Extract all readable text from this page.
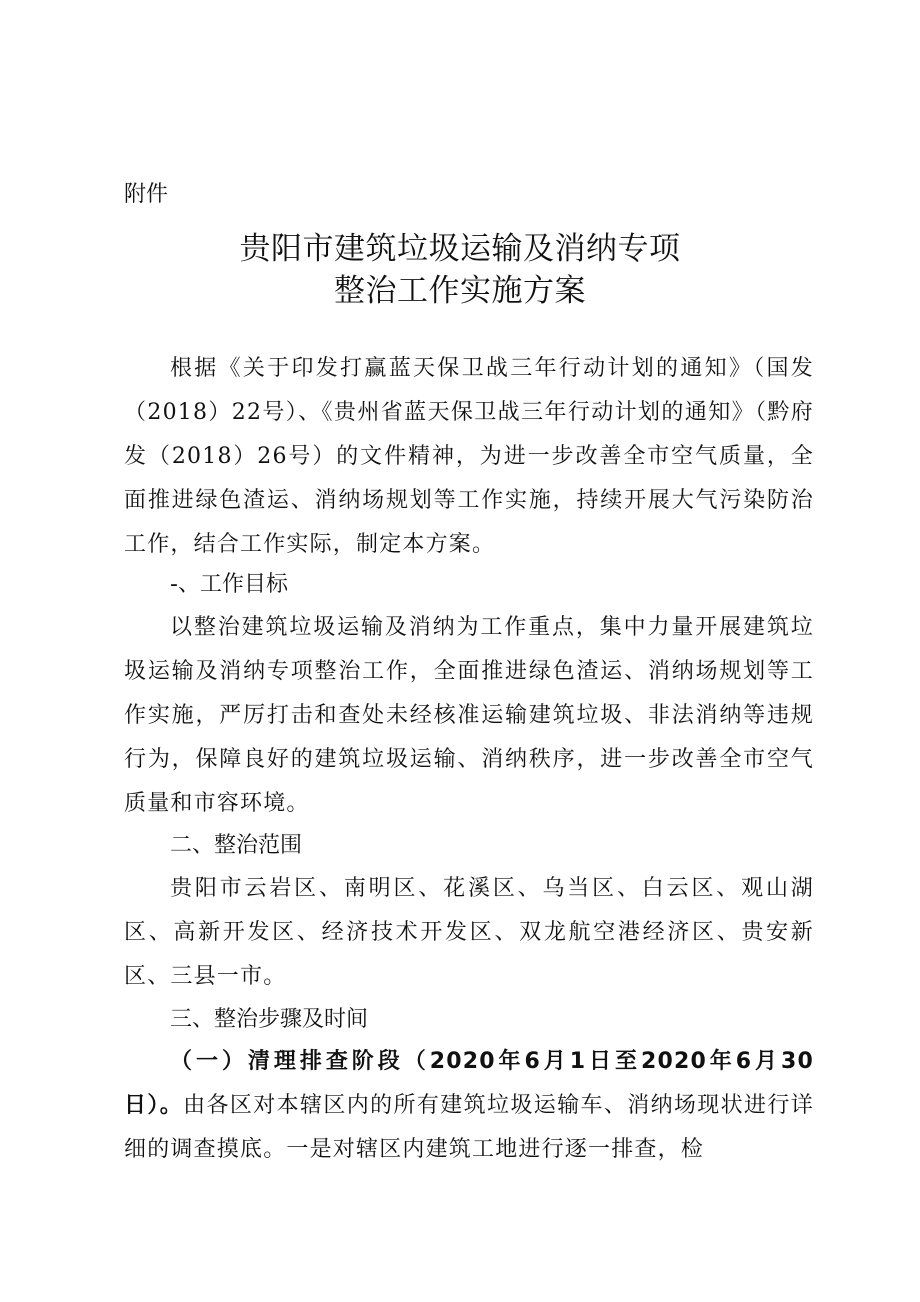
附件
贵阳市建筑垃圾运输及消纳专项
整治工作实施方案
根据《关于印发打赢蓝天保卫战三年行动计划的通知》（国发（2018）22号）、《贵州省蓝天保卫战三年行动计划的通知》（黔府发（2018）26号）的文件精神，为进一步改善全市空气质量，全面推进绿色渣运、消纳场规划等工作实施，持续开展大气污染防治工作，结合工作实际，制定本方案。
-、工作目标
以整治建筑垃圾运输及消纳为工作重点，集中力量开展建筑垃圾运输及消纳专项整治工作，全面推进绿色渣运、消纳场规划等工作实施，严厉打击和查处未经核准运输建筑垃圾、非法消纳等违规行为，保障良好的建筑垃圾运输、消纳秩序，进一步改善全市空气质量和市容环境。
二、整治范围
贵阳市云岩区、南明区、花溪区、乌当区、白云区、观山湖区、高新开发区、经济技术开发区、双龙航空港经济区、贵安新区、三县一市。
三、整治步骤及时间
（一）清理排查阶段（2020年6月1日至2020年6月30日）。由各区对本辖区内的所有建筑垃圾运输车、消纳场现状进行详细的调查摸底。一是对辖区内建筑工地进行逐一排查，检
